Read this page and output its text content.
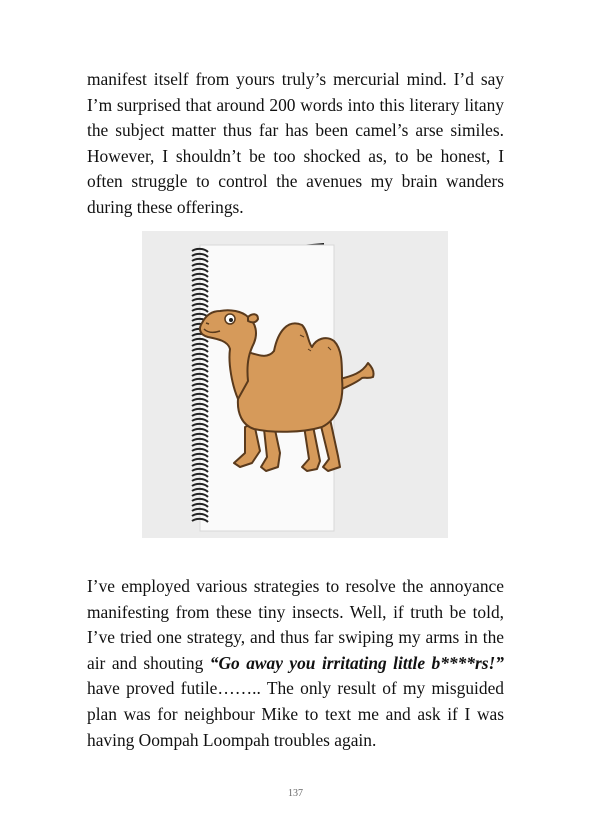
manifest itself from yours truly’s mercurial mind. I’d say I’m surprised that around 200 words into this literary litany the subject matter thus far has been camel’s arse similes. However, I shouldn’t be too shocked as, to be honest, I often struggle to control the avenues my brain wanders during these offerings.

I’ve employed various strategies to resolve the annoyance manifesting from these tiny insects. Well, if truth be told, I’ve tried one strategy, and thus far swiping my arms in the air and shouting “Go away you irritating little b****rs!” have proved futile…….. The only result of my misguided plan was for neighbour Mike to text me and ask if I was having Oompah Loompah troubles again.

137
